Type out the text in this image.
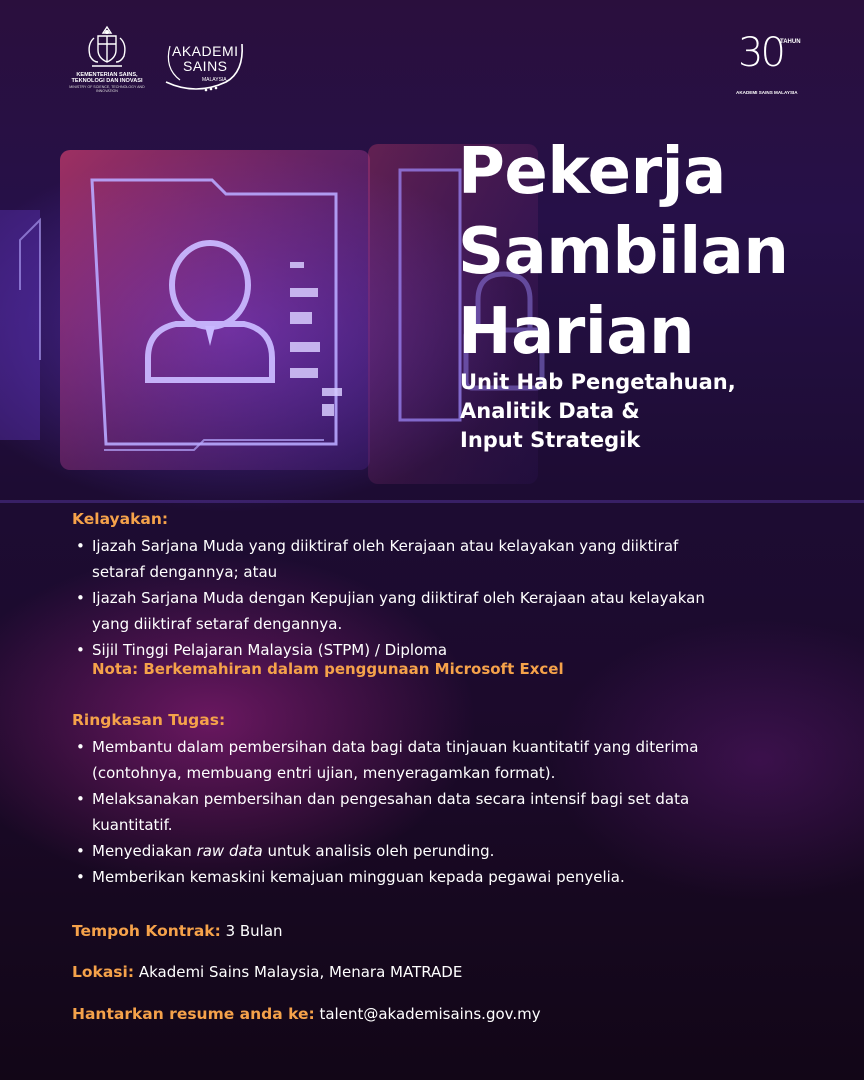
KEMENTERIAN SAINS,
TEKNOLOGI DAN INOVASI
MINISTRY OF SCIENCE, TECHNOLOGY AND INNOVATION
AKADEMI
SAINS
MALAYSIA
30
TAHUN
AKADEMI SAINS MALAYSIA
Pekerja
Sambilan
Harian
Unit Hab Pengetahuan,
Analitik Data &
Input Strategik
Kelayakan:
• Ijazah Sarjana Muda yang diiktiraf oleh Kerajaan atau kelayakan yang diiktiraf
setaraf dengannya; atau
• Ijazah Sarjana Muda dengan Kepujian yang diiktiraf oleh Kerajaan atau kelayakan
yang diiktiraf setaraf dengannya.
• Sijil Tinggi Pelajaran Malaysia (STPM) / Diploma

Nota: Berkemahiran dalam penggunaan Microsoft Excel

Ringkasan Tugas:
• Membantu dalam pembersihan data bagi data tinjauan kuantitatif yang diterima
(contohnya, membuang entri ujian, menyeragamkan format).
• Melaksanakan pembersihan dan pengesahan data secara intensif bagi set data
kuantitatif.
• Menyediakan raw data untuk analisis oleh perunding.
• Memberikan kemaskini kemajuan mingguan kepada pegawai penyelia.

Tempoh Kontrak: 3 Bulan

Lokasi: Akademi Sains Malaysia, Menara MATRADE

Hantarkan resume anda ke: talent@akademisains.gov.my
